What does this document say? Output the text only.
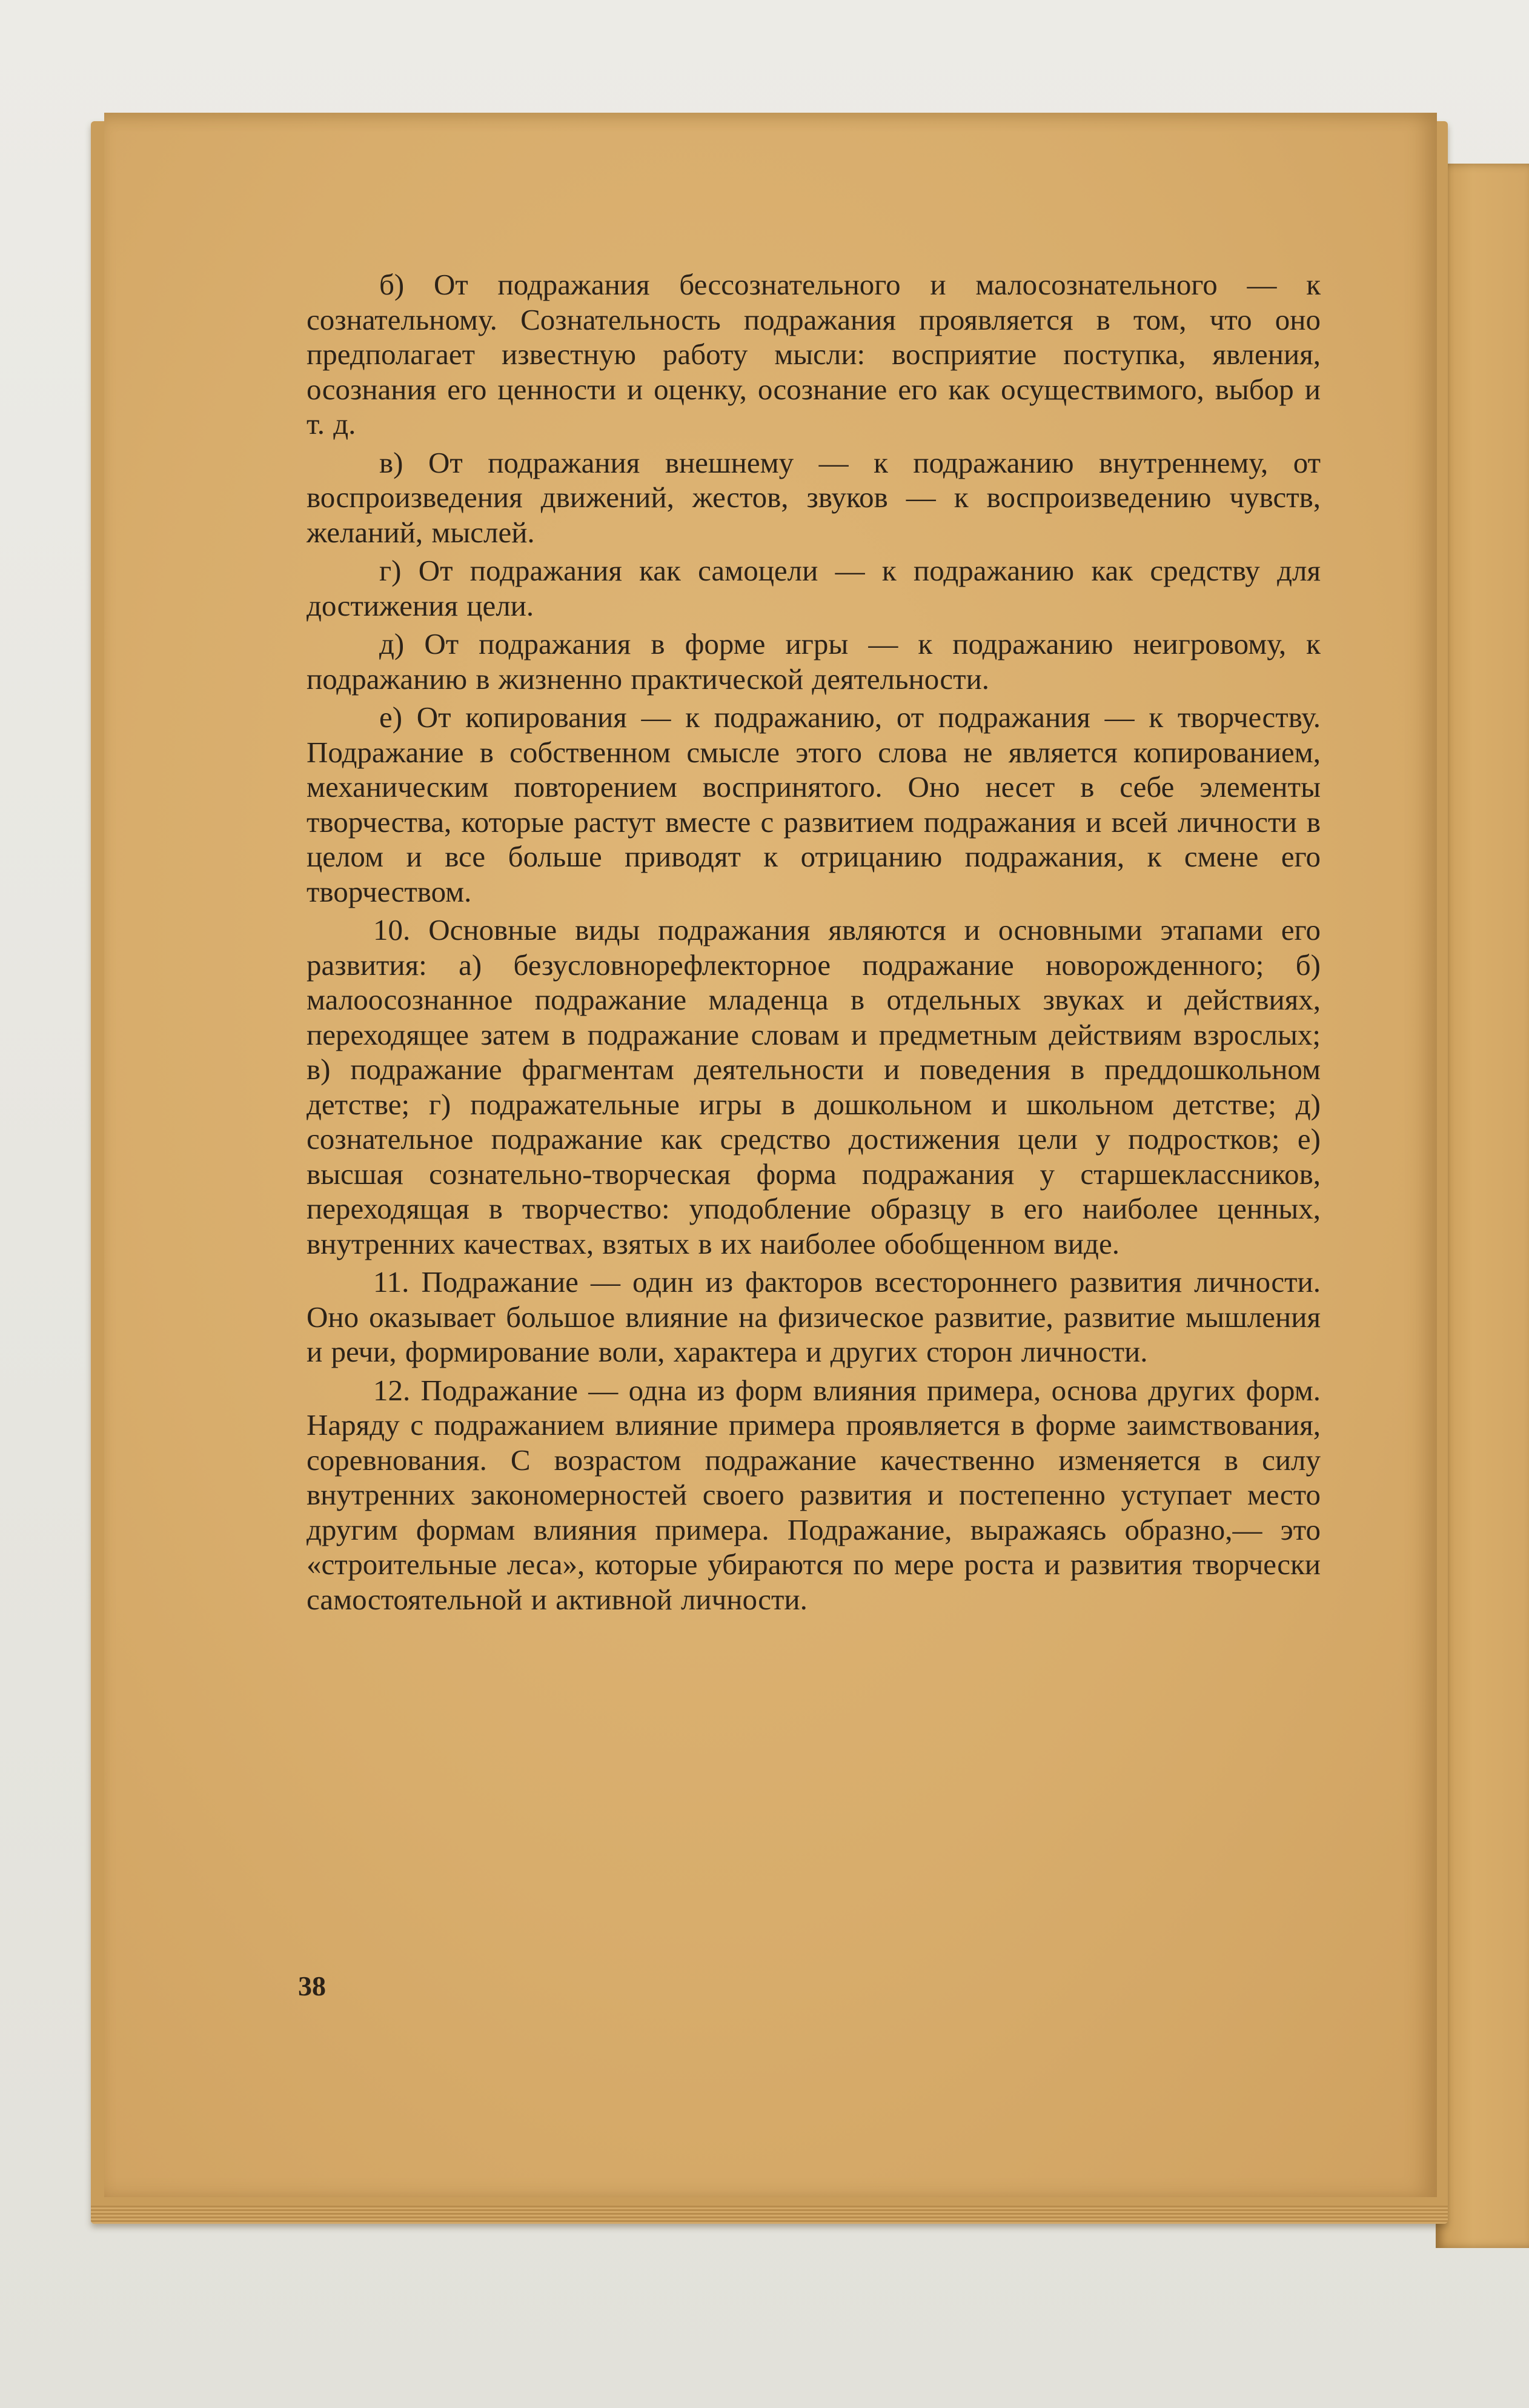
б) От подражания бессознательного и малосознательного — к сознательному. Сознательность подражания проявляется в том, что оно предполагает известную работу мысли: восприятие поступка, явления, осознания его ценности и оценку, осознание его как осуществимого, выбор и т. д.

в) От подражания внешнему — к подражанию внутреннему, от воспроизведения движений, жестов, звуков — к воспроизведению чувств, желаний, мыслей.

г) От подражания как самоцели — к подражанию как средству для достижения цели.

д) От подражания в форме игры — к подражанию неигровому, к подражанию в жизненно практической деятельности.

е) От копирования — к подражанию, от подражания — к творчеству. Подражание в собственном смысле этого слова не является копированием, механическим повторением воспринятого. Оно несет в себе элементы творчества, которые растут вместе с развитием подражания и всей личности в целом и все больше приводят к отрицанию подражания, к смене его творчеством.

10. Основные виды подражания являются и основными этапами его развития: а) безусловнорефлекторное подражание новорожденного; б) малоосознанное подражание младенца в отдельных звуках и действиях, переходящее затем в подражание словам и предметным действиям взрослых; в) подражание фрагментам деятельности и поведения в преддошкольном детстве; г) подражательные игры в дошкольном и школьном детстве; д) сознательное подражание как средство достижения цели у подростков; е) высшая сознательно-творческая форма подражания у старшеклассников, переходящая в творчество: уподобление образцу в его наиболее ценных, внутренних качествах, взятых в их наиболее обобщенном виде.

11. Подражание — один из факторов всестороннего развития личности. Оно оказывает большое влияние на физическое развитие, развитие мышления и речи, формирование воли, характера и других сторон личности.

12. Подражание — одна из форм влияния примера, основа других форм. Наряду с подражанием влияние примера проявляется в форме заимствования, соревнования. С возрастом подражание качественно изменяется в силу внутренних закономерностей своего развития и постепенно уступает место другим формам влияния примера. Подражание, выражаясь образно,— это «строительные леса», которые убираются по мере роста и развития творчески самостоятельной и активной личности.

38
